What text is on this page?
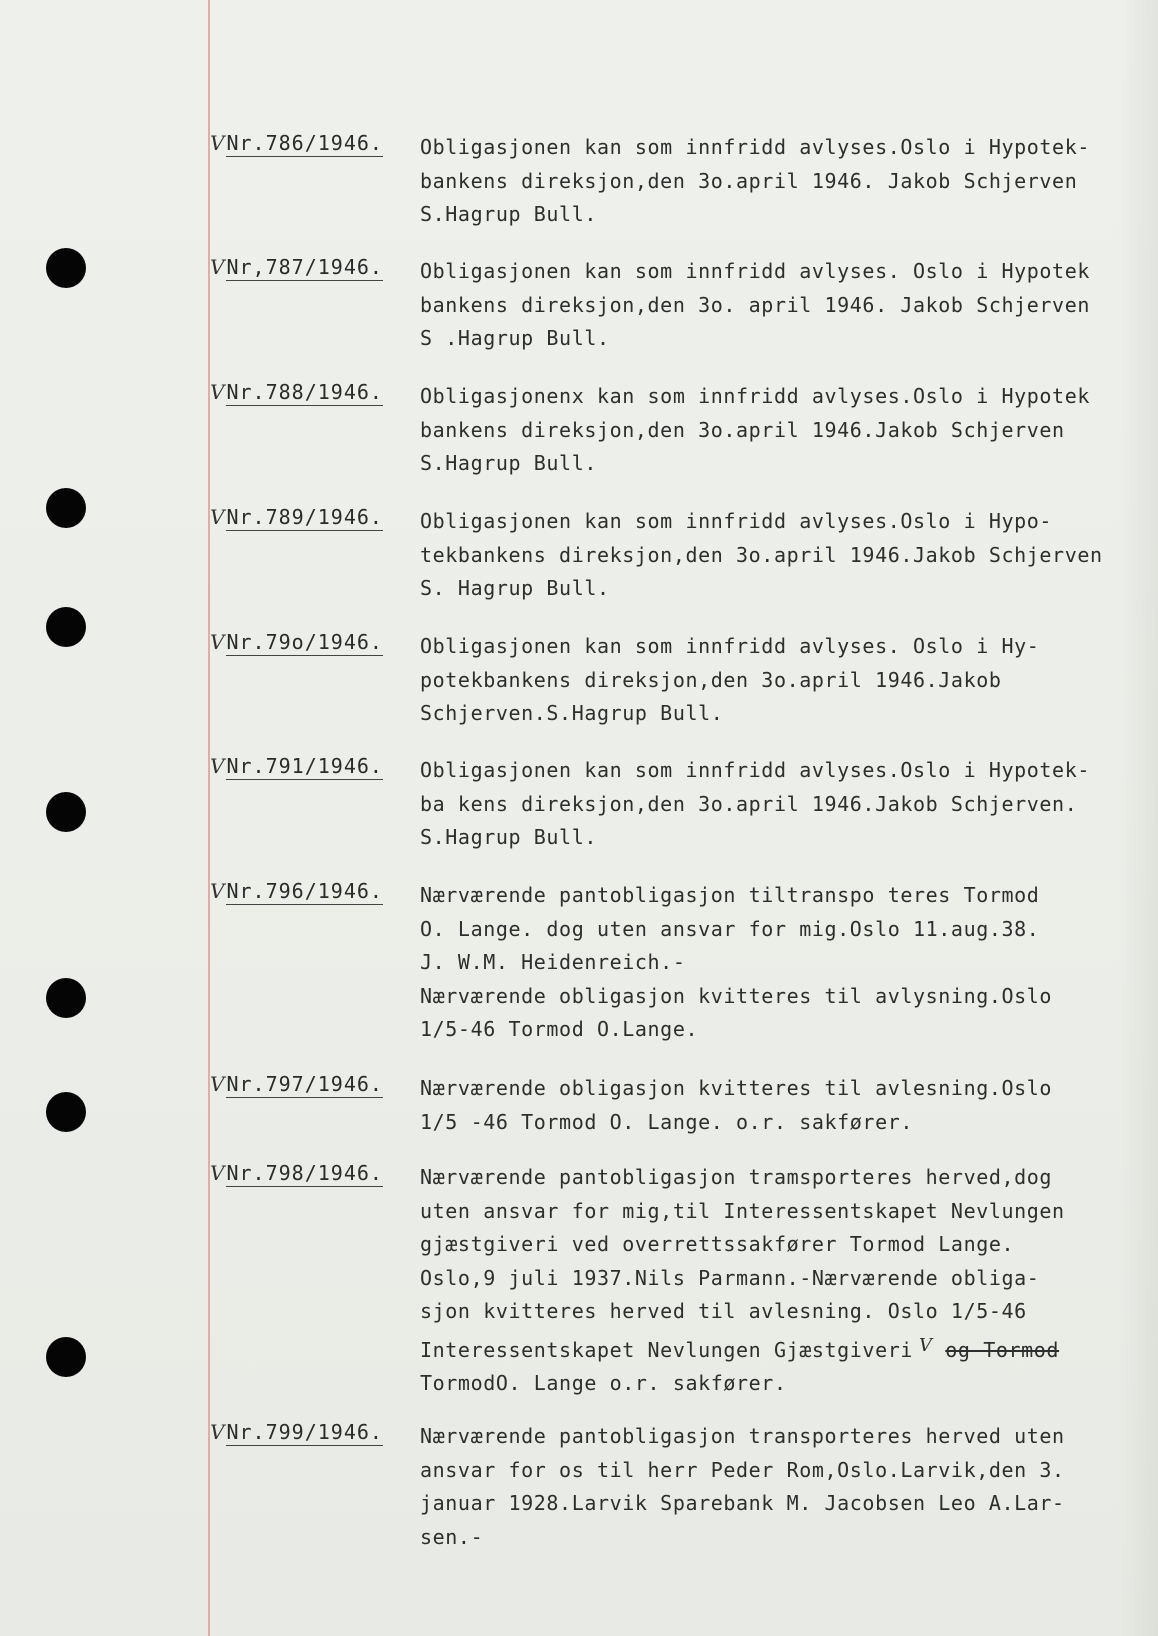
VNr.786/1946.	Obligasjonen kan som innfridd avlyses.Oslo i Hypotek-
bankens direksjon,den 3o.april 1946. Jakob Schjerven
S.Hagrup Bull.
VNr,787/1946.	Obligasjonen kan som innfridd avlyses. Oslo i Hypotek
bankens direksjon,den 3o. april 1946. Jakob Schjerven
S .Hagrup Bull.
VNr.788/1946.	Obligasjonenx kan som innfridd avlyses.Oslo i Hypotek
bankens direksjon,den 3o.april 1946.Jakob Schjerven
S.Hagrup Bull.
VNr.789/1946.	Obligasjonen kan som innfridd avlyses.Oslo i Hypo-
tekbankens direksjon,den 3o.april 1946.Jakob Schjerven
S. Hagrup Bull.
VNr.79o/1946.	Obligasjonen kan som innfridd avlyses. Oslo i Hy-
potekbankens direksjon,den 3o.april 1946.Jakob
Schjerven.S.Hagrup Bull.
VNr.791/1946.	Obligasjonen kan som innfridd avlyses.Oslo i Hypotek-
ba kens direksjon,den 3o.april 1946.Jakob Schjerven.
S.Hagrup Bull.
VNr.796/1946.	Nærværende pantobligasjon tiltranspo teres Tormod
O. Lange. dog uten ansvar for mig.Oslo 11.aug.38.
J. W.M. Heidenreich.-
Nærværende obligasjon kvitteres til avlysning.Oslo
1/5-46 Tormod O.Lange.
VNr.797/1946.	Nærværende obligasjon kvitteres til avlesning.Oslo
1/5 -46 Tormod O. Lange. o.r. sakfører.
VNr.798/1946.	Nærværende pantobligasjon tramsporteres herved,dog
uten ansvar for mig,til Interessentskapet Nevlungen
gjæstgiveri ved overrettssakfører Tormod Lange.
Oslo,9 juli 1937.Nils Parmann.-Nærværende obliga-
sjon kvitteres herved til avlesning. Oslo 1/5-46
Interessentskapet Nevlungen Gjæstgiveri V og Tormod
TormodO. Lange o.r. sakfører.
VNr.799/1946.	Nærværende pantobligasjon transporteres herved uten
ansvar for os til herr Peder Rom,Oslo.Larvik,den 3.
januar 1928.Larvik Sparebank M. Jacobsen Leo A.Lar-
sen.-
